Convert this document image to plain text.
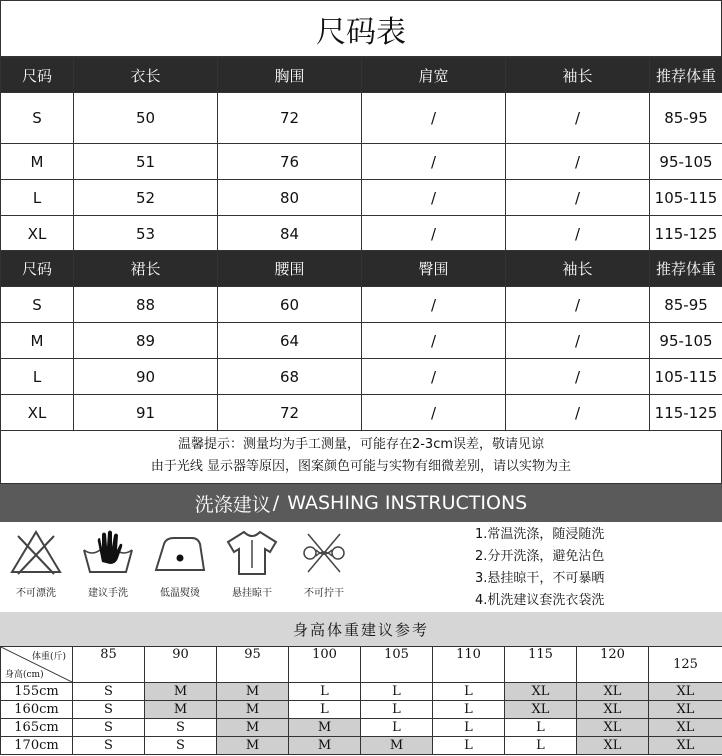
尺码表
尺码	衣长	胸围	肩宽	袖长	推荐体重
S	50	72	/	/	85-95
M	51	76	/	/	95-105
L	52	80	/	/	105-115
XL	53	84	/	/	115-125
尺码	裙长	腰围	臀围	袖长	推荐体重
S	88	60	/	/	85-95
M	89	64	/	/	95-105
L	90	68	/	/	105-115
XL	91	72	/	/	115-125
温馨提示：测量均为手工测量，可能存在2-3cm误差，敬请见谅
由于光线 显示器等原因，图案颜色可能与实物有细微差别，请以实物为主
洗涤建议 /
WASHING INSTRUCTIONS
不可漂洗	建议手洗	低温熨烫	悬挂晾干	不可拧干
1.常温洗涤，随浸随洗
2.分开洗涤，避免沾色
3.悬挂晾干，不可暴晒
4.机洗建议套洗衣袋洗
身高体重建议参考
体重(斤)
身高(cm)	85	90	95	100	105	110	115	120	125
155cm	S	M	M	L	L	L	XL	XL	XL
160cm	S	M	M	L	L	L	XL	XL	XL
165cm	S	S	M	M	L	L	L	XL	XL
170cm	S	S	M	M	M	L	L	XL	XL
